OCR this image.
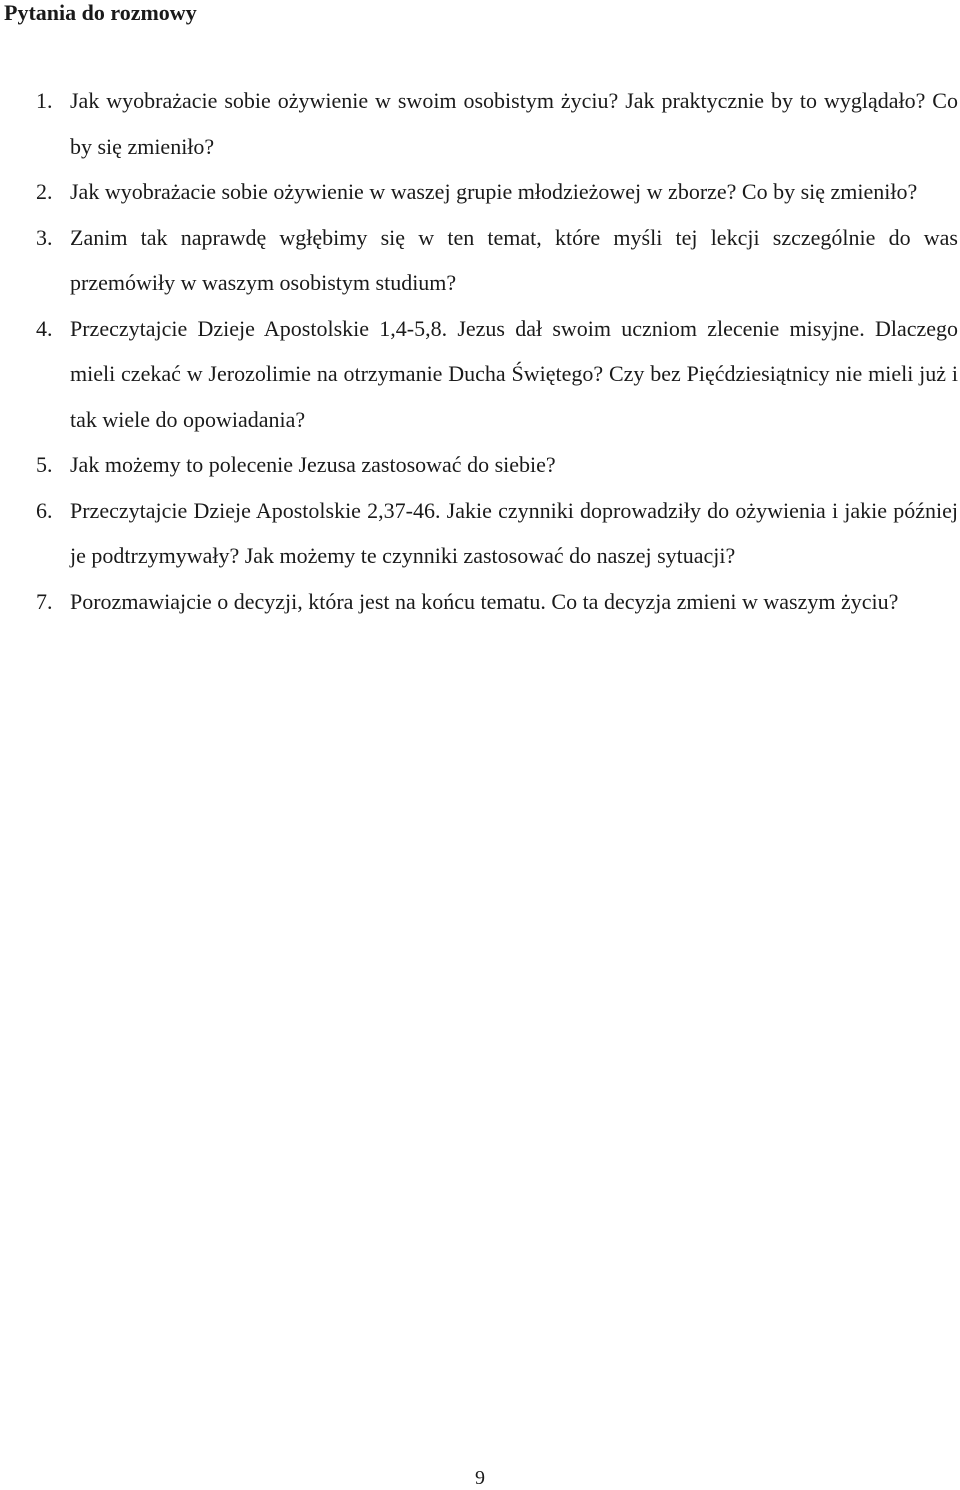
Pytania do rozmowy
1. Jak wyobrażacie sobie ożywienie w swoim osobistym życiu? Jak praktycznie by to wyglądało? Co by się zmieniło?
2. Jak wyobrażacie sobie ożywienie w waszej grupie młodzieżowej w zborze? Co by się zmieniło?
3. Zanim tak naprawdę wgłębimy się w ten temat, które myśli tej lekcji szczególnie do was przemówiły w waszym osobistym studium?
4. Przeczytajcie Dzieje Apostolskie 1,4-5,8. Jezus dał swoim uczniom zlecenie misyjne. Dlaczego mieli czekać w Jerozolimie na otrzymanie Ducha Świętego? Czy bez Pięćdziesiątnicy nie mieli już i tak wiele do opowiadania?
5. Jak możemy to polecenie Jezusa zastosować do siebie?
6. Przeczytajcie Dzieje Apostolskie 2,37-46. Jakie czynniki doprowadziły do ożywienia i jakie później je podtrzymywały? Jak możemy te czynniki zastosować do naszej sytuacji?
7. Porozmawiajcie o decyzji, która jest na końcu tematu. Co ta decyzja zmieni w waszym życiu?
9
